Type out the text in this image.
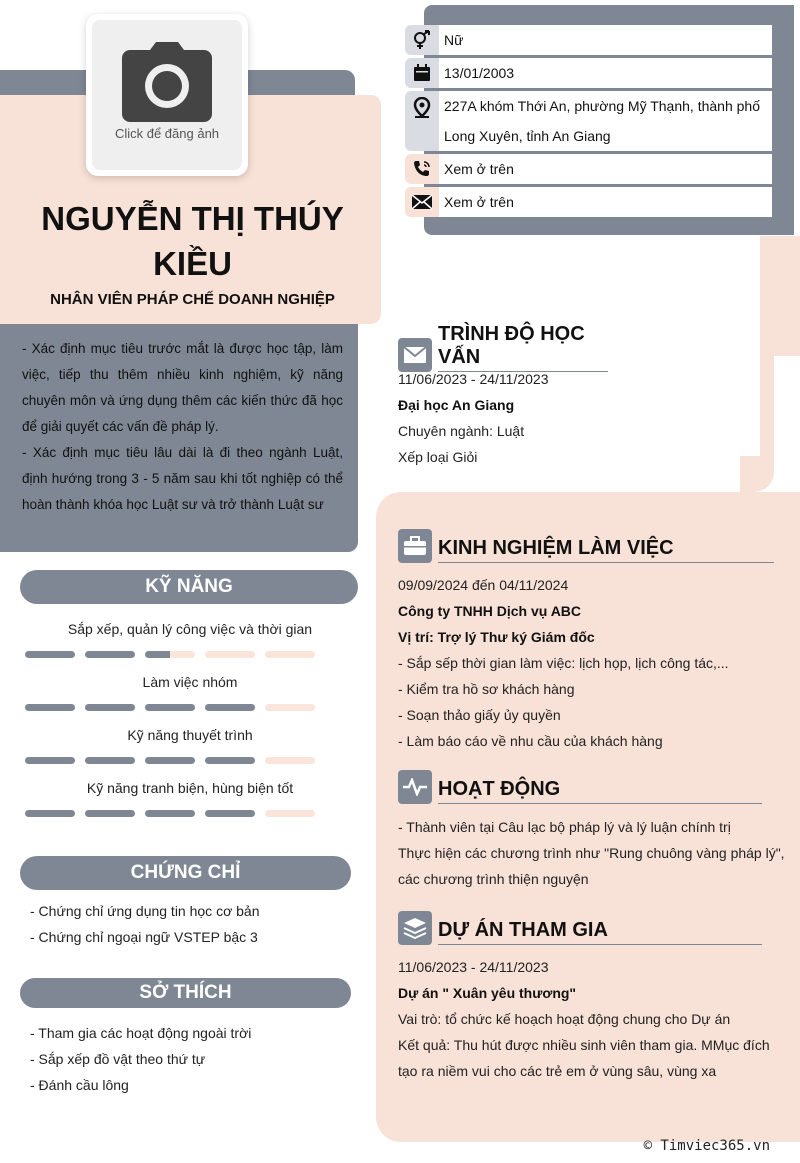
Click để đăng ảnh
NGUYỄN THỊ THÚY
KIỀU
NHÂN VIÊN PHÁP CHẾ DOANH NGHIỆP

- Xác định mục tiêu trước mắt là được học tập, làm việc, tiếp thu thêm nhiều kinh nghiệm, kỹ năng chuyên môn và ứng dụng thêm các kiến thức đã học để giải quyết các vấn đề pháp lý.

- Xác định mục tiêu lâu dài là đi theo ngành Luật, định hướng trong 3 - 5 năm sau khi tốt nghiệp có thể hoàn thành khóa học Luật sư và trở thành Luật sư

KỸ NĂNG
Sắp xếp, quản lý công việc và thời gian
Làm việc nhóm
Kỹ năng thuyết trình
Kỹ năng tranh biện, hùng biện tốt
CHỨNG CHỈ
- Chứng chỉ ứng dụng tin học cơ bản
- Chứng chỉ ngoại ngữ VSTEP bậc 3
SỞ THÍCH
- Tham gia các hoạt động ngoài trời
- Sắp xếp đồ vật theo thứ tự
- Đánh cầu lông
Nữ
13/01/2003
227A khóm Thới An, phường Mỹ Thạnh, thành phố
Long Xuyên, tỉnh An Giang
Xem ở trên
Xem ở trên
TRÌNH ĐỘ HỌC VẤN
11/06/2023 - 24/11/2023
Đại học An Giang
Chuyên ngành: Luật
Xếp loại Giỏi
KINH NGHIỆM LÀM VIỆC
09/09/2024 đến 04/11/2024
Công ty TNHH Dịch vụ ABC
Vị trí: Trợ lý Thư ký Giám đốc
- Sắp sếp thời gian làm việc: lịch họp, lịch công tác,...
- Kiểm tra hồ sơ khách hàng
- Soạn thảo giấy ủy quyền
- Làm báo cáo về nhu cầu của khách hàng
HOẠT ĐỘNG
- Thành viên tại Câu lạc bộ pháp lý và lý luận chính trị
Thực hiện các chương trình như "Rung chuông vàng pháp lý",
các chương trình thiện nguyện
DỰ ÁN THAM GIA
11/06/2023 - 24/11/2023
Dự án " Xuân yêu thương"
Vai trò: tổ chức kế hoạch hoạt động chung cho Dự án
Kết quả: Thu hút được nhiều sinh viên tham gia. MMục đích
tạo ra niềm vui cho các trẻ em ở vùng sâu, vùng xa
© Timviec365.vn
